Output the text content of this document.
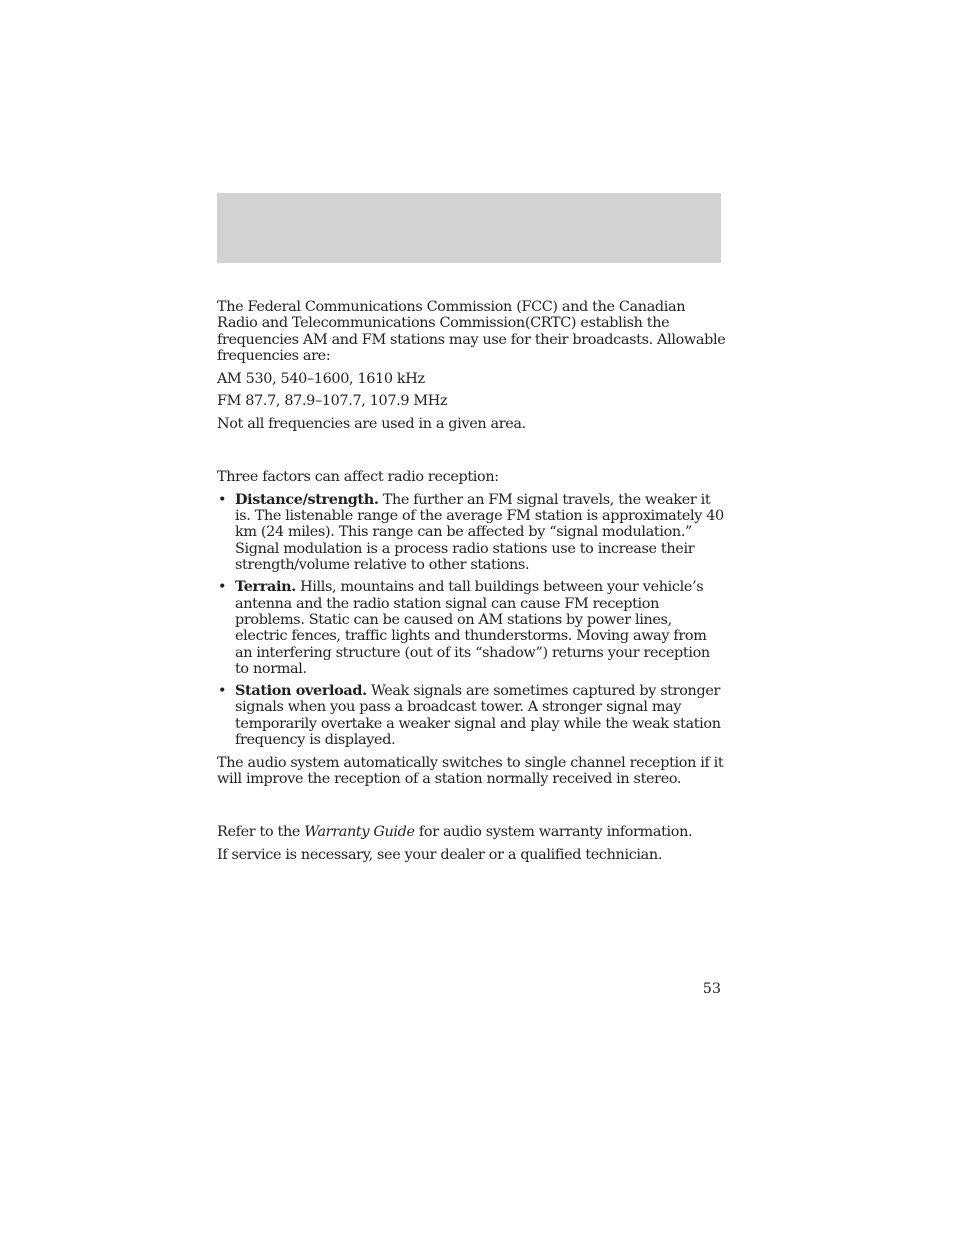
The Federal Communications Commission (FCC) and the Canadian Radio and Telecommunications Commission(CRTC) establish the frequencies AM and FM stations may use for their broadcasts. Allowable frequencies are:

AM 530, 540–1600, 1610 kHz

FM 87.7, 87.9–107.7, 107.9 MHz

Not all frequencies are used in a given area.

Three factors can affect radio reception:

• Distance/strength. The further an FM signal travels, the weaker it is. The listenable range of the average FM station is approximately 40 km (24 miles). This range can be affected by “signal modulation.” Signal modulation is a process radio stations use to increase their strength/volume relative to other stations.
• Terrain. Hills, mountains and tall buildings between your vehicle’s antenna and the radio station signal can cause FM reception problems. Static can be caused on AM stations by power lines, electric fences, traffic lights and thunderstorms. Moving away from an interfering structure (out of its “shadow”) returns your reception to normal.
• Station overload. Weak signals are sometimes captured by stronger signals when you pass a broadcast tower. A stronger signal may temporarily overtake a weaker signal and play while the weak station frequency is displayed.

The audio system automatically switches to single channel reception if it will improve the reception of a station normally received in stereo.

Refer to the Warranty Guide for audio system warranty information.

If service is necessary, see your dealer or a qualified technician.

53
